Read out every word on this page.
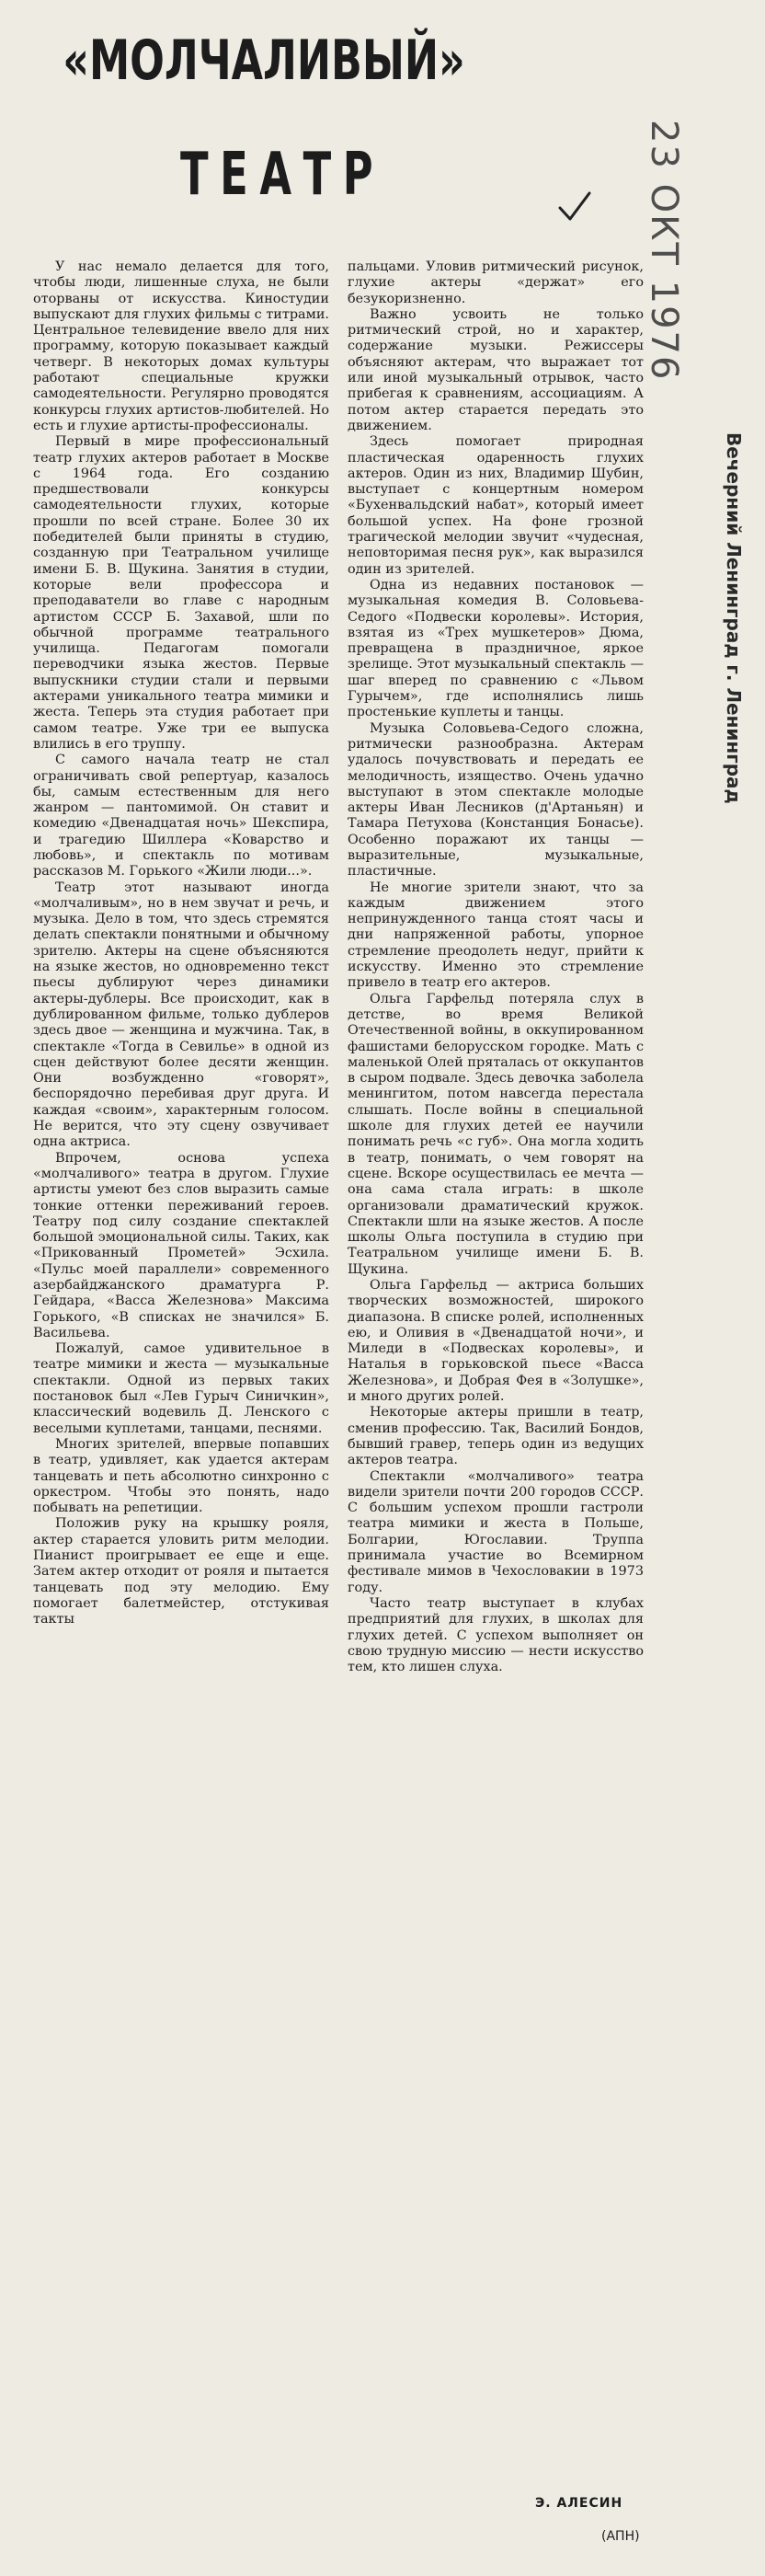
«МОЛЧАЛИВЫЙ»
ТЕАТР	23 ОКТ 1976
Вечерний Ленинград г. Ленинград

У нас немало делается для того, чтобы люди, лишенные слуха, не были оторваны от искусства. Киностудии выпускают для глухих фильмы с титрами. Центральное телевидение ввело для них программу, которую показывает каждый четверг. В некоторых домах культуры работают специальные кружки самодеятельности. Регулярно проводятся конкурсы глухих артистов-любителей. Но есть и глухие артисты-профессионалы.

Первый в мире профессиональный театр глухих актеров работает в Москве с 1964 года. Его созданию предшествовали конкурсы самодеятельности глухих, которые прошли по всей стране. Более 30 их победителей были приняты в студию, созданную при Театральном училище имени Б. В. Щукина. Занятия в студии, которые вели профессора и преподаватели во главе с народным артистом СССР Б. Захавой, шли по обычной программе театрального училища. Педагогам помогали переводчики языка жестов. Первые выпускники студии стали и первыми актерами уникального театра мимики и жеста. Теперь эта студия работает при самом театре. Уже три ее выпуска влились в его труппу.

С самого начала театр не стал ограничивать свой репертуар, казалось бы, самым естественным для него жанром — пантомимой. Он ставит и комедию «Двенадцатая ночь» Шекспира, и трагедию Шиллера «Коварство и любовь», и спектакль по мотивам рассказов М. Горького «Жили люди...».

Театр этот называют иногда «молчаливым», но в нем звучат и речь, и музыка. Дело в том, что здесь стремятся делать спектакли понятными и обычному зрителю. Актеры на сцене объясняются на языке жестов, но одновременно текст пьесы дублируют через динамики актеры-дублеры. Все происходит, как в дублированном фильме, только дублеров здесь двое — женщина и мужчина. Так, в спектакле «Тогда в Севилье» в одной из сцен действуют более десяти женщин. Они возбужденно «говорят», беспорядочно перебивая друг друга. И каждая «своим», характерным голосом. Не верится, что эту сцену озвучивает одна актриса.

Впрочем, основа успеха «молчаливого» театра в другом. Глухие артисты умеют без слов выразить самые тонкие оттенки переживаний героев. Театру под силу создание спектаклей большой эмоциональной силы. Таких, как «Прикованный Прометей» Эсхила. «Пульс моей параллели» современного азербайджанского драматурга Р. Гейдара, «Васса Железнова» Максима Горького, «В списках не значился» Б. Васильева.

Пожалуй, самое удивительное в театре мимики и жеста — музыкальные спектакли. Одной из первых таких постановок был «Лев Гурыч Синичкин», классический водевиль Д. Ленского с веселыми куплетами, танцами, песнями.

Многих зрителей, впервые попавших в театр, удивляет, как удается актерам танцевать и петь абсолютно синхронно с оркестром. Чтобы это понять, надо побывать на репетиции.

Положив руку на крышку рояля, актер старается уловить ритм мелодии. Пианист проигрывает ее еще и еще. Затем актер отходит от рояля и пытается танцевать под эту мелодию. Ему помогает балетмейстер, отстукивая такты

пальцами. Уловив ритмический рисунок, глухие актеры «держат» его безукоризненно.

Важно усвоить не только ритмический строй, но и характер, содержание музыки. Режиссеры объясняют актерам, что выражает тот или иной музыкальный отрывок, часто прибегая к сравнениям, ассоциациям. А потом актер старается передать это движением.

Здесь помогает природная пластическая одаренность глухих актеров. Один из них, Владимир Шубин, выступает с концертным номером «Бухенвальдский набат», который имеет большой успех. На фоне грозной трагической мелодии звучит «чудесная, неповторимая песня рук», как выразился один из зрителей.

Одна из недавних постановок — музыкальная комедия В. Соловьева-Седого «Подвески королевы». История, взятая из «Трех мушкетеров» Дюма, превращена в праздничное, яркое зрелище. Этот музыкальный спектакль — шаг вперед по сравнению с «Львом Гурычем», где исполнялись лишь простенькие куплеты и танцы.

Музыка Соловьева-Седого сложна, ритмически разнообразна. Актерам удалось почувствовать и передать ее мелодичность, изящество. Очень удачно выступают в этом спектакле молодые актеры Иван Лесников (д'Артаньян) и Тамара Петухова (Констанция Бонасье). Особенно поражают их танцы — выразительные, музыкальные, пластичные.

Не многие зрители знают, что за каждым движением этого непринужденного танца стоят часы и дни напряженной работы, упорное стремление преодолеть недуг, прийти к искусству. Именно это стремление привело в театр его актеров.

Ольга Гарфельд потеряла слух в детстве, во время Великой Отечественной войны, в оккупированном фашистами белорусском городке. Мать с маленькой Олей пряталась от оккупантов в сыром подвале. Здесь девочка заболела менингитом, потом навсегда перестала слышать. После войны в специальной школе для глухих детей ее научили понимать речь «с губ». Она могла ходить в театр, понимать, о чем говорят на сцене. Вскоре осуществилась ее мечта — она сама стала играть: в школе организовали драматический кружок. Спектакли шли на языке жестов. А после школы Ольга поступила в студию при Театральном училище имени Б. В. Щукина.

Ольга Гарфельд — актриса больших творческих возможностей, широкого диапазона. В списке ролей, исполненных ею, и Оливия в «Двенадцатой ночи», и Миледи в «Подвесках королевы», и Наталья в горьковской пьесе «Васса Железнова», и Добрая Фея в «Золушке», и много других ролей.

Некоторые актеры пришли в театр, сменив профессию. Так, Василий Бондов, бывший гравер, теперь один из ведущих актеров театра.

Спектакли «молчаливого» театра видели зрители почти 200 городов СССР. С большим успехом прошли гастроли театра мимики и жеста в Польше, Болгарии, Югославии. Труппа принимала участие во Всемирном фестивале мимов в Чехословакии в 1973 году.

Часто театр выступает в клубах предприятий для глухих, в школах для глухих детей. С успехом выполняет он свою трудную миссию — нести искусство тем, кто лишен слуха.

Э. АЛЕСИН
(АПН)
